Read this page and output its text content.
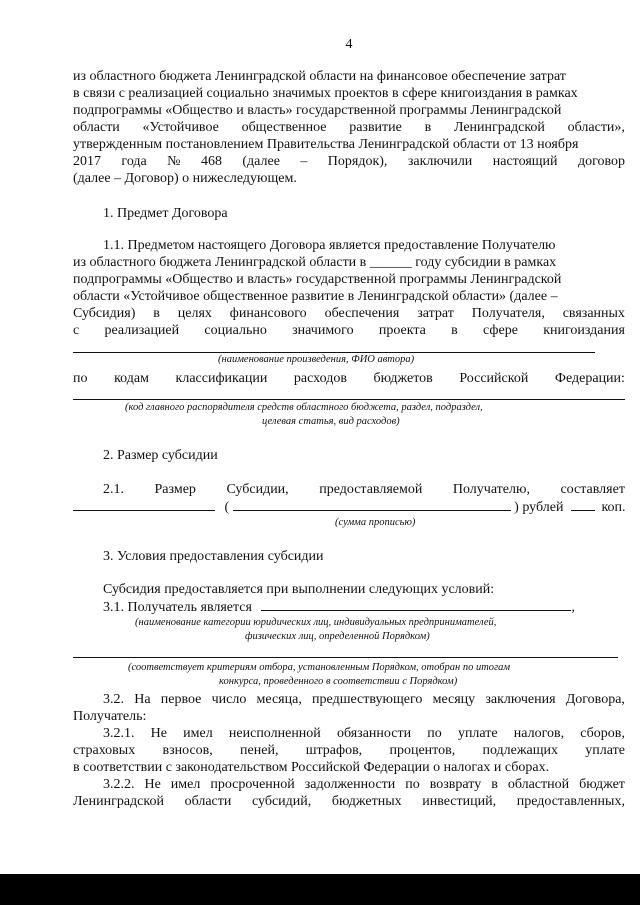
4
из областного бюджета Ленинградской области на финансовое обеспечение затрат
в связи с реализацией социально значимых проектов в сфере книгоиздания в рамках
подпрограммы «Общество и власть» государственной программы Ленинградской
области «Устойчивое общественное развитие в Ленинградской области»,
утвержденным постановлением Правительства Ленинградской области от 13 ноября
2017 года № 468 (далее – Порядок), заключили настоящий договор
(далее – Договор) о нижеследующем.
1. Предмет Договора
1.1. Предметом настоящего Договора является предоставление Получателю
из областного бюджета Ленинградской области в ______ году субсидии в рамках
подпрограммы «Общество и власть» государственной программы Ленинградской
области «Устойчивое общественное развитие в Ленинградской области» (далее –
Субсидия) в целях финансового обеспечения затрат Получателя, связанных
с реализацией социально значимого проекта в сфере книгоиздания
(наименование произведения, ФИО автора)
по кодам классификации расходов бюджетов Российской Федерации:
(код главного распорядителя средств областного бюджета, раздел, подраздел,
целевая статья, вид расходов)
2. Размер субсидии
2.1. Размер Субсидии, предоставляемой Получателю, составляет
(	) рублей	коп.
(сумма прописью)
3. Условия предоставления субсидии
Субсидия предоставляется при выполнении следующих условий:
3.1. Получатель является	,
(наименование категории юридических лиц, индивидуальных предпринимателей,
физических лиц, определенной Порядком)
(соответствует критериям отбора, установленным Порядком, отобран по итогам
конкурса, проведенного в соответствии с Порядком)
3.2. На первое число месяца, предшествующего месяцу заключения Договора,
Получатель:
3.2.1. Не имел неисполненной обязанности по уплате налогов, сборов,
страховых взносов, пеней, штрафов, процентов, подлежащих уплате
в соответствии с законодательством Российской Федерации о налогах и сборах.
3.2.2. Не имел просроченной задолженности по возврату в областной бюджет
Ленинградской области субсидий, бюджетных инвестиций, предоставленных,
